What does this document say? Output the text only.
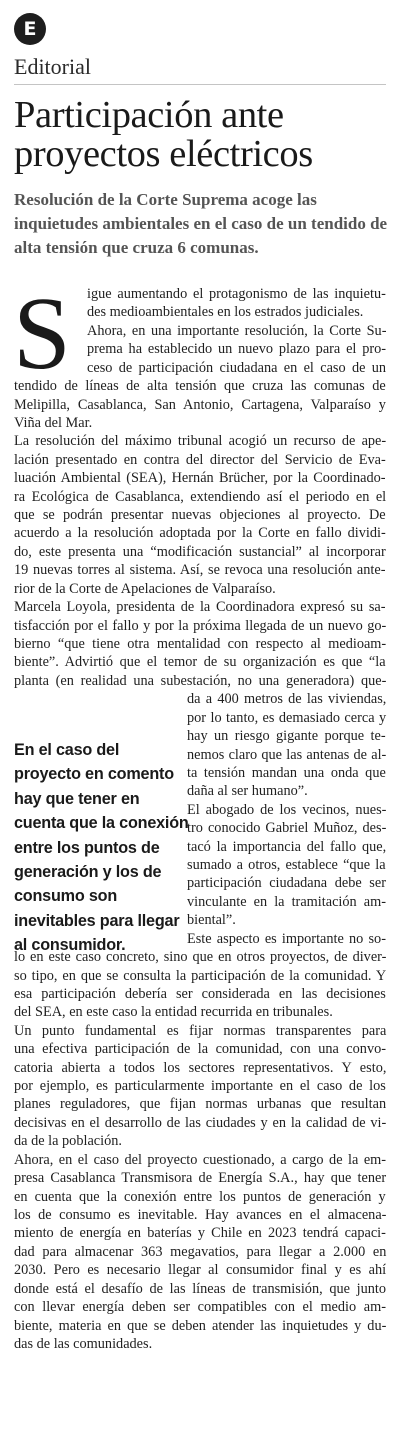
E
Editorial
Participación ante proyectos eléctricos

Resolución de la Corte Suprema acoge las inquietudes ambientales en el caso de un tendido de alta tensión que cruza 6 comunas.

S

En el caso del proyecto en comento hay que tener en cuenta que la conexión entre los puntos de generación y los de consumo son inevitables para llegar al consumidor.

igue aumentando el protagonismo de las inquietu-
des medioambientales en los estrados judiciales.
Ahora, en una importante resolución, la Corte Su-
prema ha establecido un nuevo plazo para el pro-
ceso de participación ciudadana en el caso de un
tendido de líneas de alta tensión que cruza las comunas de
Melipilla, Casablanca, San Antonio, Cartagena, Valparaíso y
Viña del Mar.
La resolución del máximo tribunal acogió un recurso de ape-
lación presentado en contra del director del Servicio de Eva-
luación Ambiental (SEA), Hernán Brücher, por la Coordinado-
ra Ecológica de Casablanca, extendiendo así el periodo en el
que se podrán presentar nuevas objeciones al proyecto. De
acuerdo a la resolución adoptada por la Corte en fallo dividi-
do, este presenta una “modificación sustancial” al incorporar
19 nuevas torres al sistema. Así, se revoca una resolución ante-
rior de la Corte de Apelaciones de Valparaíso.
Marcela Loyola, presidenta de la Coordinadora expresó su sa-
tisfacción por el fallo y por la próxima llegada de un nuevo go-
bierno “que tiene otra mentalidad con respecto al medioam-
biente”. Advirtió que el temor de su organización es que “la
planta (en realidad una subestación, no una generadora) que-
da a 400 metros de las viviendas,
por lo tanto, es demasiado cerca y
hay un riesgo gigante porque te-
nemos claro que las antenas de al-
ta tensión mandan una onda que
daña al ser humano”.
El abogado de los vecinos, nues-
tro conocido Gabriel Muñoz, des-
tacó la importancia del fallo que,
sumado a otros, establece “que la
participación ciudadana debe ser
vinculante en la tramitación am-
biental”.
Este aspecto es importante no so-
lo en este caso concreto, sino que en otros proyectos, de diver-
so tipo, en que se consulta la participación de la comunidad. Y
esa participación debería ser considerada en las decisiones
del SEA, en este caso la entidad recurrida en tribunales.
Un punto fundamental es fijar normas transparentes para
una efectiva participación de la comunidad, con una convo-
catoria abierta a todos los sectores representativos. Y esto,
por ejemplo, es particularmente importante en el caso de los
planes reguladores, que fijan normas urbanas que resultan
decisivas en el desarrollo de las ciudades y en la calidad de vi-
da de la población.
Ahora, en el caso del proyecto cuestionado, a cargo de la em-
presa Casablanca Transmisora de Energía S.A., hay que tener
en cuenta que la conexión entre los puntos de generación y
los de consumo es inevitable. Hay avances en el almacena-
miento de energía en baterías y Chile en 2023 tendrá capaci-
dad para almacenar 363 megavatios, para llegar a 2.000 en
2030. Pero es necesario llegar al consumidor final y es ahí
donde está el desafío de las líneas de transmisión, que junto
con llevar energía deben ser compatibles con el medio am-
biente, materia en que se deben atender las inquietudes y du-
das de las comunidades.
